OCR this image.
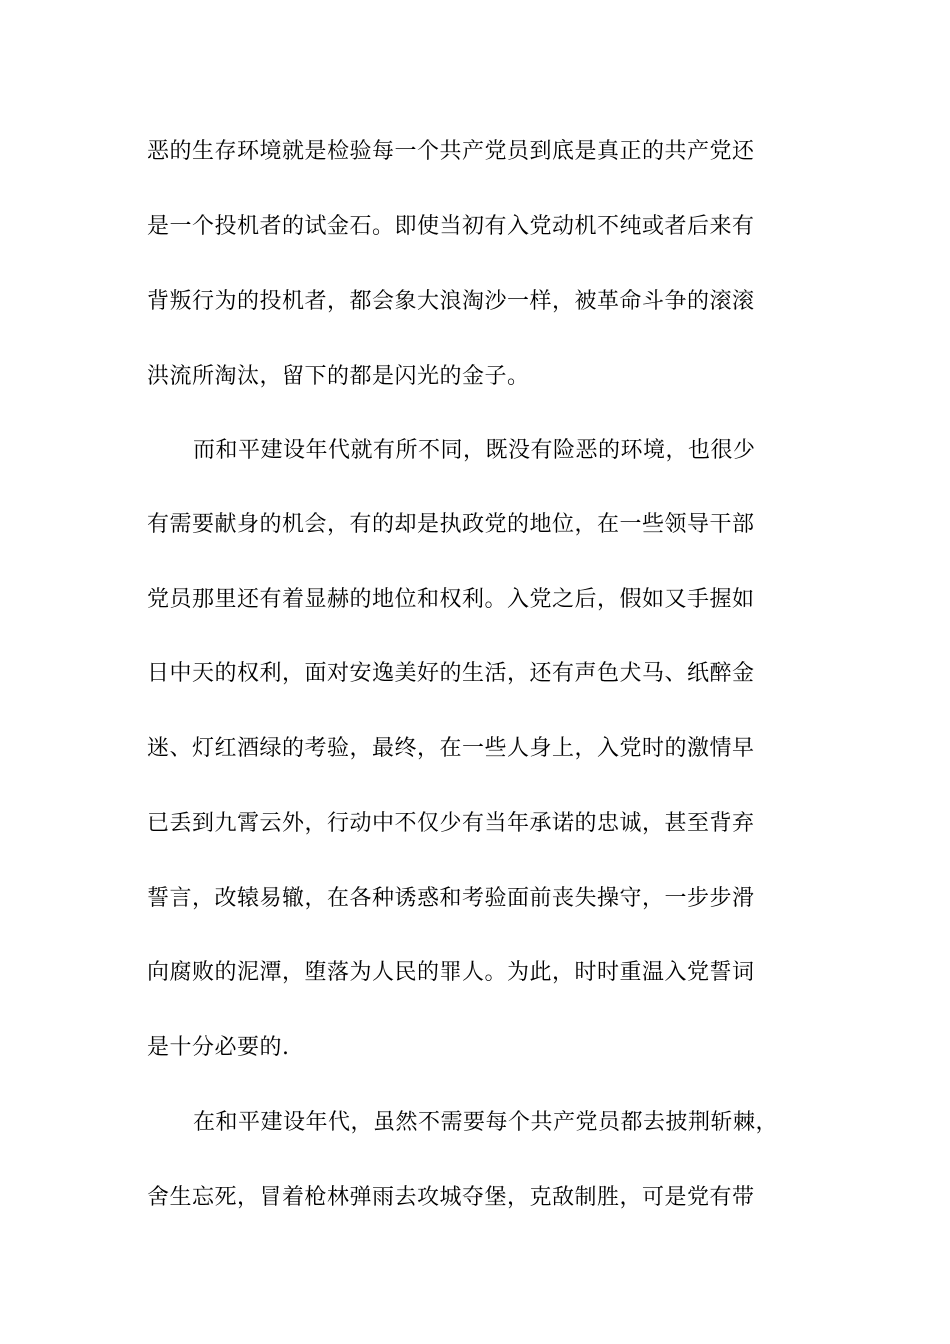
恶的生存环境就是检验每一个共产党员到底是真正的共产党还
是一个投机者的试金石。即使当初有入党动机不纯或者后来有
背叛行为的投机者，都会象大浪淘沙一样，被革命斗争的滚滚
洪流所淘汰，留下的都是闪光的金子。
而和平建设年代就有所不同，既没有险恶的环境，也很少
有需要献身的机会，有的却是执政党的地位，在一些领导干部
党员那里还有着显赫的地位和权利。入党之后，假如又手握如
日中天的权利，面对安逸美好的生活，还有声色犬马、纸醉金
迷、灯红酒绿的考验，最终，在一些人身上，入党时的激情早
已丢到九霄云外，行动中不仅少有当年承诺的忠诚，甚至背弃
誓言，改辕易辙，在各种诱惑和考验面前丧失操守，一步步滑
向腐败的泥潭，堕落为人民的罪人。为此，时时重温入党誓词
是十分必要的.
在和平建设年代，虽然不需要每个共产党员都去披荆斩棘，
舍生忘死，冒着枪林弹雨去攻城夺堡，克敌制胜，可是党有带
